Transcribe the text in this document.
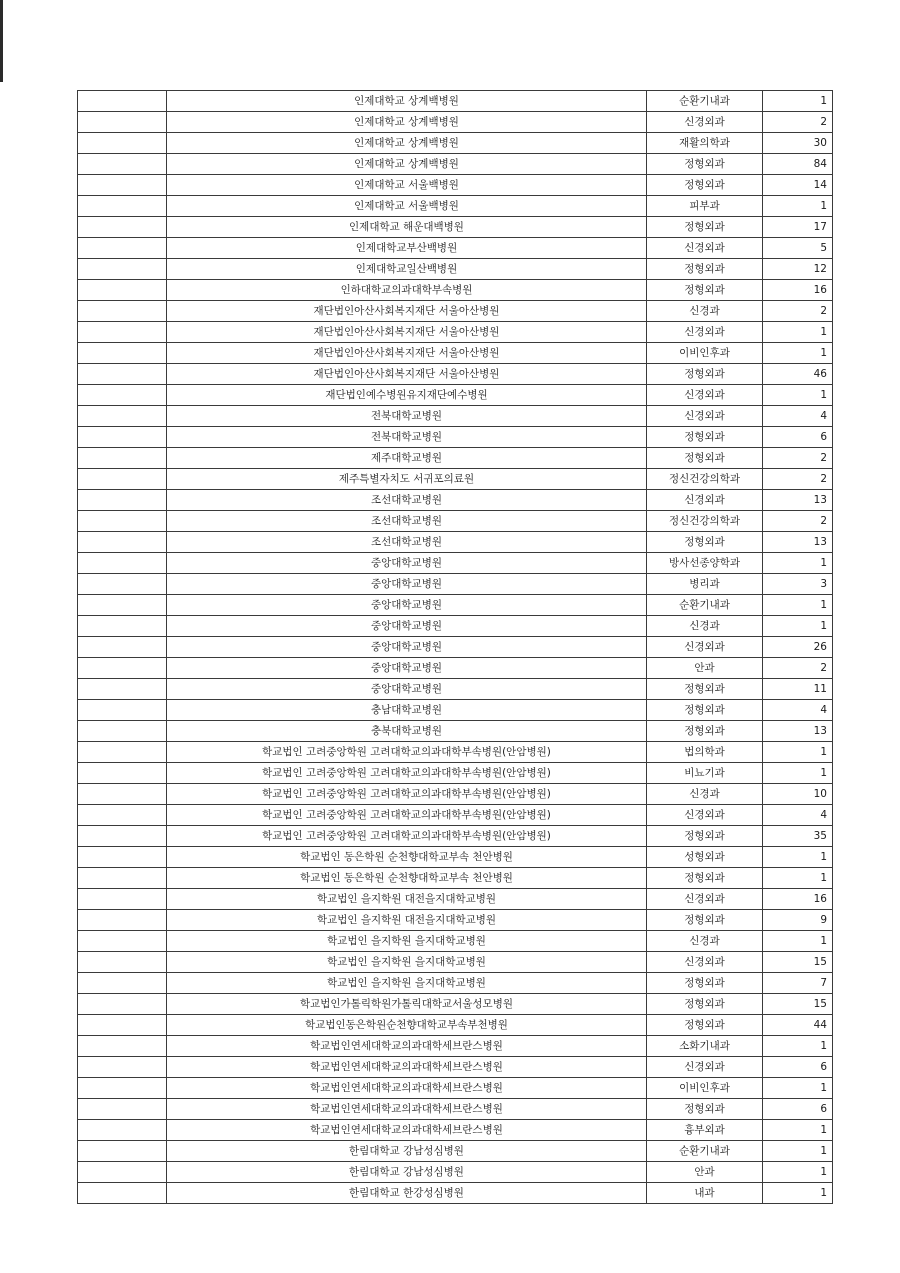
	인제대학교 상계백병원	순환기내과	1
	인제대학교 상계백병원	신경외과	2
	인제대학교 상계백병원	재활의학과	30
	인제대학교 상계백병원	정형외과	84
	인제대학교 서울백병원	정형외과	14
	인제대학교 서울백병원	피부과	1
	인제대학교 해운대백병원	정형외과	17
	인제대학교부산백병원	신경외과	5
	인제대학교일산백병원	정형외과	12
	인하대학교의과대학부속병원	정형외과	16
	재단법인아산사회복지재단 서울아산병원	신경과	2
	재단법인아산사회복지재단 서울아산병원	신경외과	1
	재단법인아산사회복지재단 서울아산병원	이비인후과	1
	재단법인아산사회복지재단 서울아산병원	정형외과	46
	재단법인예수병원유지재단예수병원	신경외과	1
	전북대학교병원	신경외과	4
	전북대학교병원	정형외과	6
	제주대학교병원	정형외과	2
	제주특별자치도 서귀포의료원	정신건강의학과	2
	조선대학교병원	신경외과	13
	조선대학교병원	정신건강의학과	2
	조선대학교병원	정형외과	13
	중앙대학교병원	방사선종양학과	1
	중앙대학교병원	병리과	3
	중앙대학교병원	순환기내과	1
	중앙대학교병원	신경과	1
	중앙대학교병원	신경외과	26
	중앙대학교병원	안과	2
	중앙대학교병원	정형외과	11
	충남대학교병원	정형외과	4
	충북대학교병원	정형외과	13
	학교법인 고려중앙학원 고려대학교의과대학부속병원(안암병원)	법의학과	1
	학교법인 고려중앙학원 고려대학교의과대학부속병원(안암병원)	비뇨기과	1
	학교법인 고려중앙학원 고려대학교의과대학부속병원(안암병원)	신경과	10
	학교법인 고려중앙학원 고려대학교의과대학부속병원(안암병원)	신경외과	4
	학교법인 고려중앙학원 고려대학교의과대학부속병원(안암병원)	정형외과	35
	학교법인 동은학원 순천향대학교부속 천안병원	성형외과	1
	학교법인 동은학원 순천향대학교부속 천안병원	정형외과	1
	학교법인 을지학원 대전을지대학교병원	신경외과	16
	학교법인 을지학원 대전을지대학교병원	정형외과	9
	학교법인 을지학원 을지대학교병원	신경과	1
	학교법인 을지학원 을지대학교병원	신경외과	15
	학교법인 을지학원 을지대학교병원	정형외과	7
	학교법인가톨릭학원가톨릭대학교서울성모병원	정형외과	15
	학교법인동은학원순천향대학교부속부천병원	정형외과	44
	학교법인연세대학교의과대학세브란스병원	소화기내과	1
	학교법인연세대학교의과대학세브란스병원	신경외과	6
	학교법인연세대학교의과대학세브란스병원	이비인후과	1
	학교법인연세대학교의과대학세브란스병원	정형외과	6
	학교법인연세대학교의과대학세브란스병원	흉부외과	1
	한림대학교 강남성심병원	순환기내과	1
	한림대학교 강남성심병원	안과	1
	한림대학교 한강성심병원	내과	1
